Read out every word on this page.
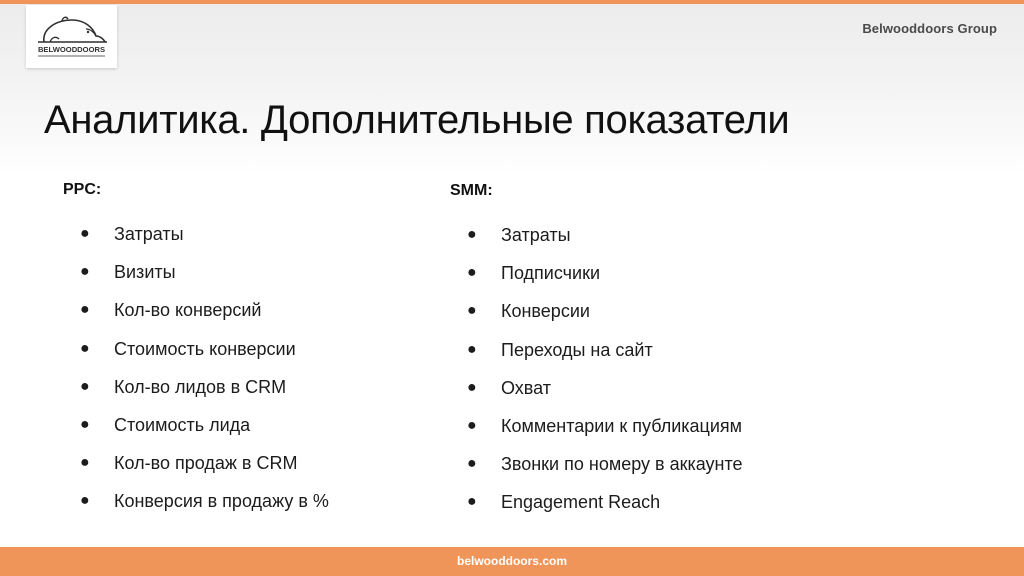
BELWOODDOORS
Belwooddoors Group
Аналитика. Дополнительные показатели
PPC:
● Затраты
● Визиты
● Кол-во конверсий
● Стоимость конверсии
● Кол-во лидов в CRM
● Стоимость лида
● Кол-во продаж в CRM
● Конверсия в продажу в %
SMM:
● Затраты
● Подписчики
● Конверсии
● Переходы на сайт
● Охват
● Комментарии к публикациям
● Звонки по номеру в аккаунте
● Engagement Reach
belwooddoors.com
